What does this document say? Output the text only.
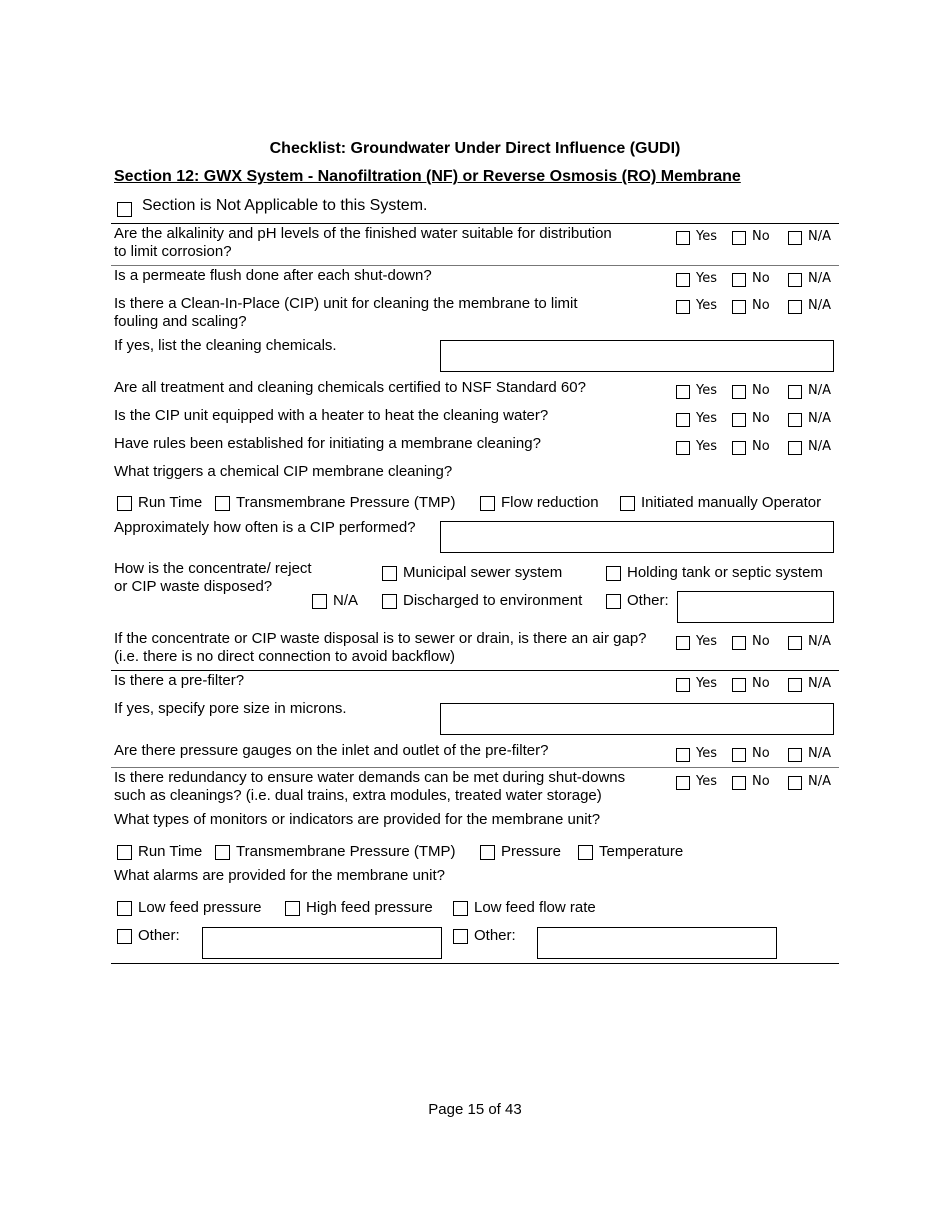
Checklist: Groundwater Under Direct Influence (GUDI)
Section 12: GWX System - Nanofiltration (NF) or Reverse Osmosis (RO) Membrane
Section is Not Applicable to this System.
Are the alkalinity and pH levels of the finished water suitable for distribution
to limit corrosion?
Yes	No	N/A
Is a permeate flush done after each shut-down?	Yes	No	N/A
Is there a Clean-In-Place (CIP) unit for cleaning the membrane to limit
fouling and scaling?
Yes	No	N/A
If yes, list the cleaning chemicals.
Are all treatment and cleaning chemicals certified to NSF Standard 60?	Yes	No	N/A
Is the CIP unit equipped with a heater to heat the cleaning water?	Yes	No	N/A
Have rules been established for initiating a membrane cleaning?	Yes	No	N/A
What triggers a chemical CIP membrane cleaning?
Run Time Transmembrane Pressure (TMP)	Flow reduction	Initiated manually Operator
Approximately how often is a CIP performed?
How is the concentrate/ reject
or CIP waste disposed?
Municipal sewer system	Holding tank or septic system
N/A	Discharged to environment	Other:
If the concentrate or CIP waste disposal is to sewer or drain, is there an air gap?
(i.e. there is no direct connection to avoid backflow)
Yes	No	N/A
Is there a pre-filter?	Yes	No	N/A
If yes, specify pore size in microns.
Are there pressure gauges on the inlet and outlet of the pre-filter?	Yes	No	N/A
Is there redundancy to ensure water demands can be met during shut-downs
such as cleanings? (i.e. dual trains, extra modules, treated water storage)
Yes	No	N/A
What types of monitors or indicators are provided for the membrane unit?
Run Time Transmembrane Pressure (TMP)	Pressure	Temperature
What alarms are provided for the membrane unit?
Low feed pressure	High feed pressure	Low feed flow rate
Other:	Other:
Page 15 of 43
